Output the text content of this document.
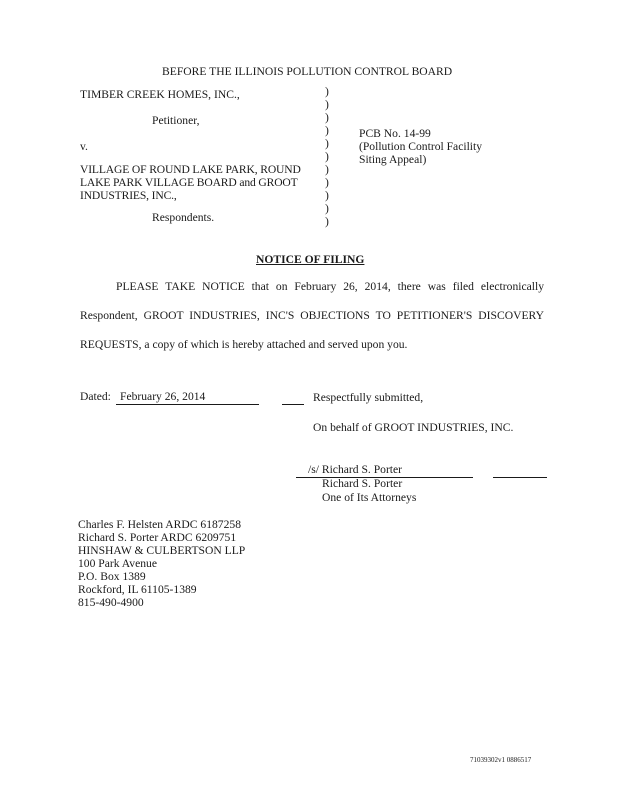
BEFORE THE ILLINOIS POLLUTION CONTROL BOARD
TIMBER CREEK HOMES, INC.,
Petitioner,
v.
VILLAGE OF ROUND LAKE PARK, ROUND
LAKE PARK VILLAGE BOARD and GROOT
INDUSTRIES, INC.,
Respondents.
)
)
)
)
)
)
)
)
)
)
)
PCB No. 14-99
(Pollution Control Facility
Siting Appeal)
NOTICE OF FILING
PLEASE TAKE NOTICE that on February 26, 2014, there was filed electronically
Respondent, GROOT INDUSTRIES, INC'S OBJECTIONS TO PETITIONER'S DISCOVERY
REQUESTS, a copy of which is hereby attached and served upon you.
Dated: February 26, 2014	Respectfully submitted,
On behalf of GROOT INDUSTRIES, INC.
/s/ Richard S. Porter
Richard S. Porter
One of Its Attorneys
Charles F. Helsten ARDC 6187258
Richard S. Porter ARDC 6209751
HINSHAW & CULBERTSON LLP
100 Park Avenue
P.O. Box 1389
Rockford, IL 61105-1389
815-490-4900
71039302v1 0886517
